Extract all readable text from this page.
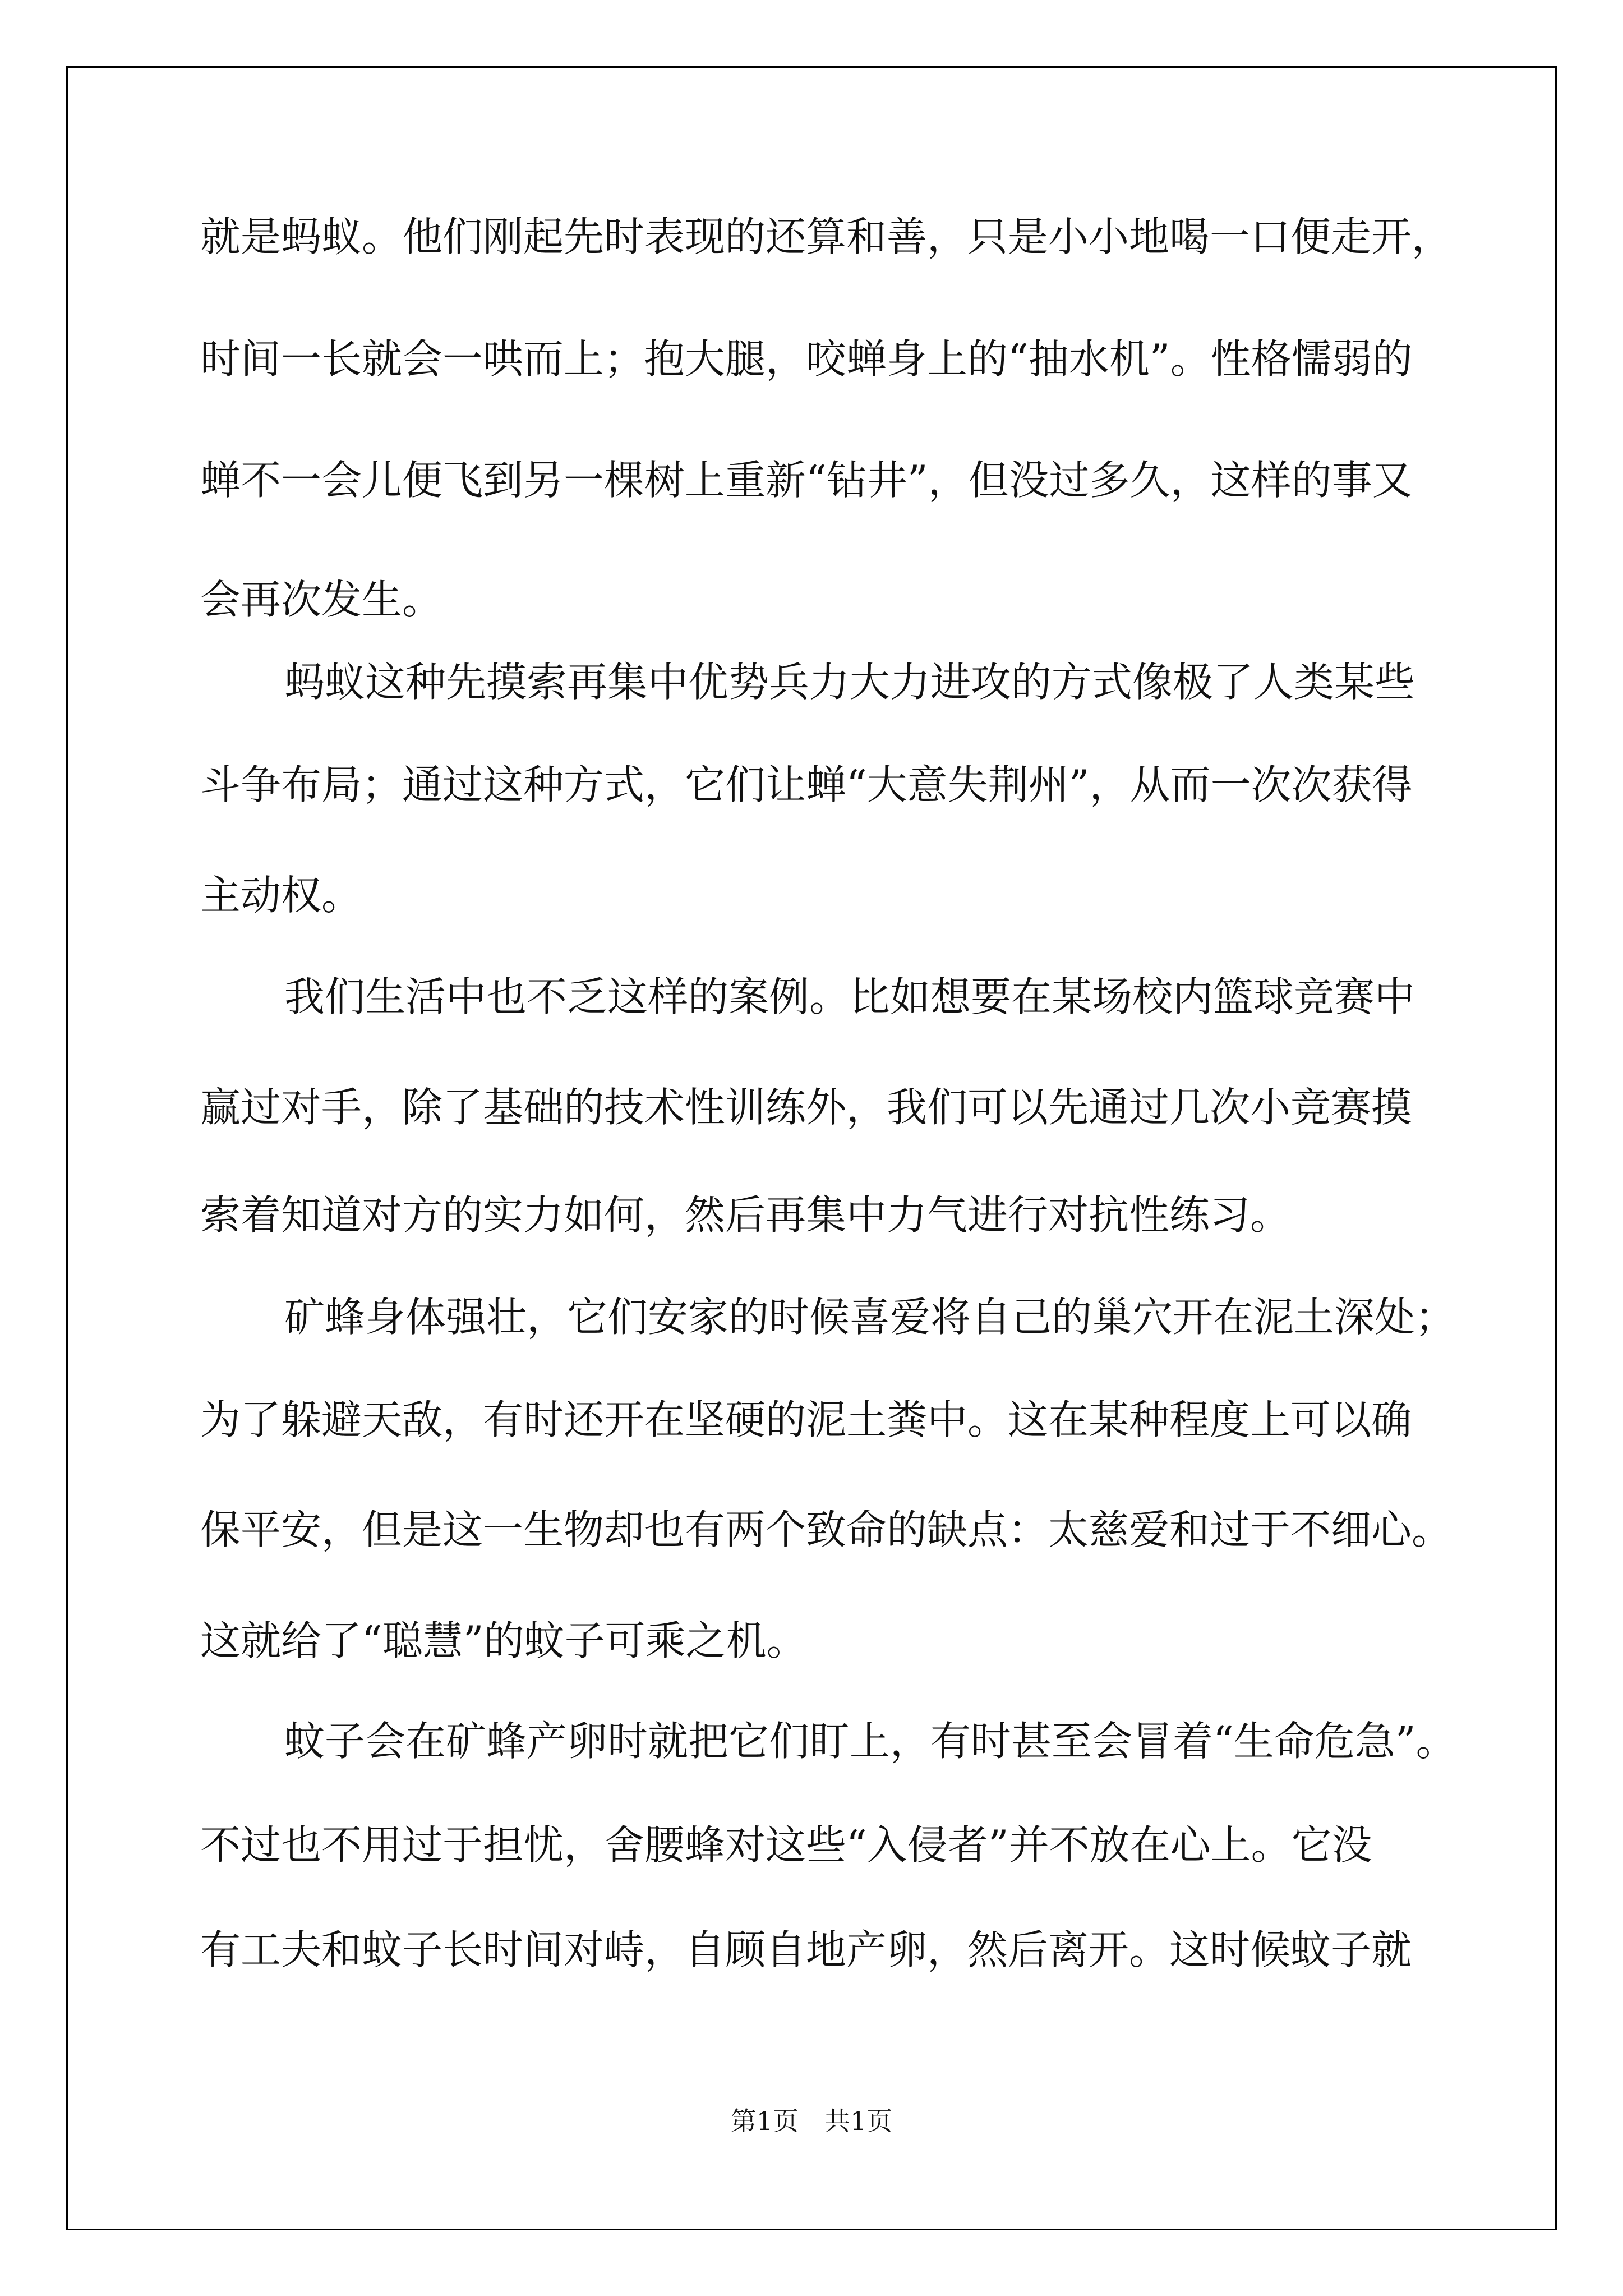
就是蚂蚁。他们刚起先时表现的还算和善，只是小小地喝一口便走开，
时间一长就会一哄而上；抱大腿，咬蝉身上的“抽水机”。性格懦弱的
蝉不一会儿便飞到另一棵树上重新“钻井”，但没过多久，这样的事又
会再次发生。
蚂蚁这种先摸索再集中优势兵力大力进攻的方式像极了人类某些
斗争布局；通过这种方式，它们让蝉“大意失荆州”，从而一次次获得
主动权。
我们生活中也不乏这样的案例。比如想要在某场校内篮球竞赛中
赢过对手，除了基础的技术性训练外，我们可以先通过几次小竞赛摸
索着知道对方的实力如何，然后再集中力气进行对抗性练习。
矿蜂身体强壮，它们安家的时候喜爱将自己的巢穴开在泥土深处；
为了躲避天敌，有时还开在坚硬的泥土粪中。这在某种程度上可以确
保平安，但是这一生物却也有两个致命的缺点：太慈爱和过于不细心。
这就给了“聪慧”的蚊子可乘之机。
蚊子会在矿蜂产卵时就把它们盯上，有时甚至会冒着“生命危急”。
不过也不用过于担忧，舍腰蜂对这些“入侵者”并不放在心上。它没
有工夫和蚊子长时间对峙，自顾自地产卵，然后离开。这时候蚊子就
第1页　共1页
